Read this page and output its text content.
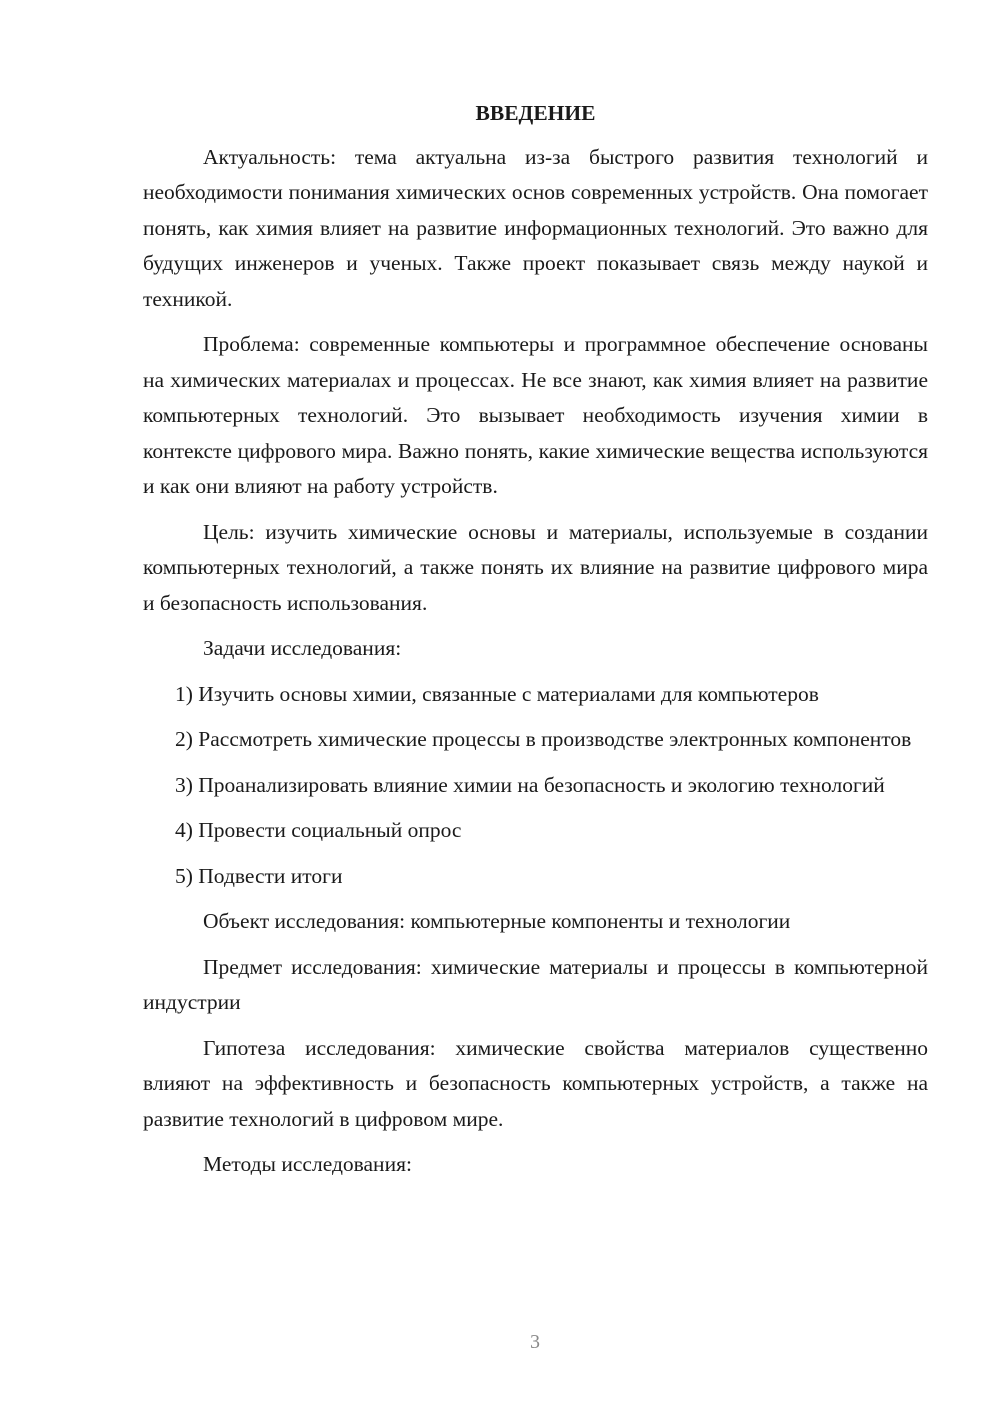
ВВЕДЕНИЕ

Актуальность: тема актуальна из-за быстрого развития технологий и необходимости понимания химических основ современных устройств. Она помогает понять, как химия влияет на развитие информационных технологий. Это важно для будущих инженеров и ученых. Также проект показывает связь между наукой и техникой.

Проблема: современные компьютеры и программное обеспечение основаны на химических материалах и процессах. Не все знают, как химия влияет на развитие компьютерных технологий. Это вызывает необходимость изучения химии в контексте цифрового мира. Важно понять, какие химические вещества используются и как они влияют на работу устройств.

Цель: изучить химические основы и материалы, используемые в создании компьютерных технологий, а также понять их влияние на развитие цифрового мира и безопасность использования.

Задачи исследования:

1) Изучить основы химии, связанные с материалами для компьютеров

2) Рассмотреть химические процессы в производстве электронных компонентов

3) Проанализировать влияние химии на безопасность и экологию технологий

4) Провести социальный опрос

5) Подвести итоги

Объект исследования: компьютерные компоненты и технологии

Предмет исследования: химические материалы и процессы в компьютерной индустрии

Гипотеза исследования: химические свойства материалов существенно влияют на эффективность и безопасность компьютерных устройств, а также на развитие технологий в цифровом мире.

Методы исследования:

3
